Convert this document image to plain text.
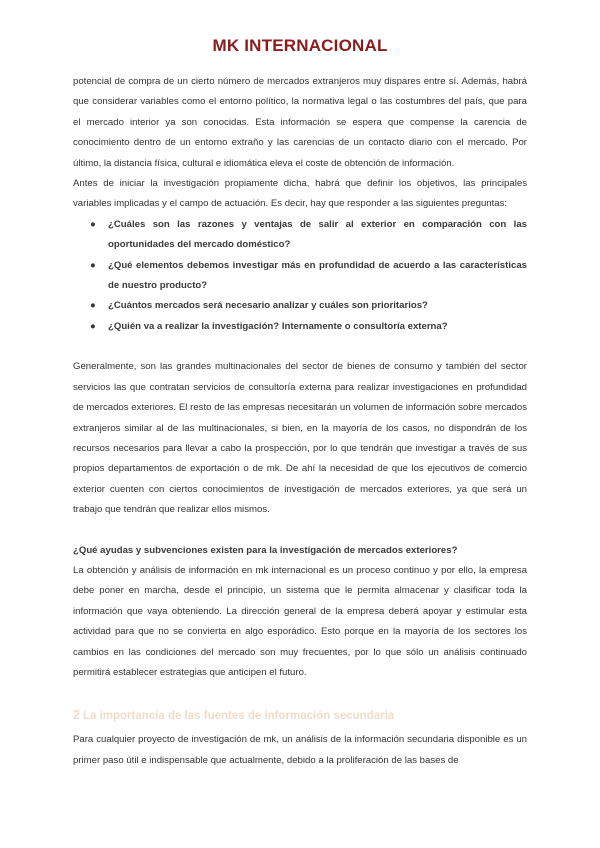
MK INTERNACIONAL

potencial de compra de un cierto número de mercados extranjeros muy dispares entre sí. Además, habrá que considerar variables como el entorno político, la normativa legal o las costumbres del país, que para el mercado interior ya son conocidas. Esta información se espera que compense la carencia de conocimiento dentro de un entorno extraño y las carencias de un contacto diario con el mercado. Por último, la distancia física, cultural e idiomática eleva el coste de obtención de información.

Antes de iniciar la investigación propiamente dicha, habrá que definir los objetivos, las principales variables implicadas y el campo de actuación. Es decir, hay que responder a las siguientes preguntas:

● ¿Cuáles son las razones y ventajas de salir al exterior en comparación con las oportunidades del mercado doméstico?
● ¿Qué elementos debemos investigar más en profundidad de acuerdo a las características de nuestro producto?
● ¿Cuántos mercados será necesario analizar y cuáles son prioritarios?
● ¿Quién va a realizar la investigación? Internamente o consultoría externa?

Generalmente, son las grandes multinacionales del sector de bienes de consumo y también del sector servicios las que contratan servicios de consultoría externa para realizar investigaciones en profundidad de mercados exteriores. El resto de las empresas necesitarán un volumen de información sobre mercados extranjeros similar al de las multinacionales, si bien, en la mayoría de los casos, no dispondrán de los recursos necesarios para llevar a cabo la prospección, por lo que tendrán que investigar a través de sus propios departamentos de exportación o de mk. De ahí la necesidad de que los ejecutivos de comercio exterior cuenten con ciertos conocimientos de investigación de mercados exteriores, ya que será un trabajo que tendrán que realizar ellos mismos.

¿Qué ayudas y subvenciones existen para la investigación de mercados exteriores?

La obtención y análisis de información en mk internacional es un proceso continuo y por ello, la empresa debe poner en marcha, desde el principio, un sistema que le permita almacenar y clasificar toda la información que vaya obteniendo. La dirección general de la empresa deberá apoyar y estimular esta actividad para que no se convierta en algo esporádico. Esto porque en la mayoría de los sectores los cambios en las condiciones del mercado son muy frecuentes, por lo que sólo un análisis continuado permitirá establecer estrategias que anticipen el futuro.

2 La importancia de las fuentes de información secundaria

Para cualquier proyecto de investigación de mk, un análisis de la información secundaria disponible es un primer paso útil e indispensable que actualmente, debido a la proliferación de las bases de
